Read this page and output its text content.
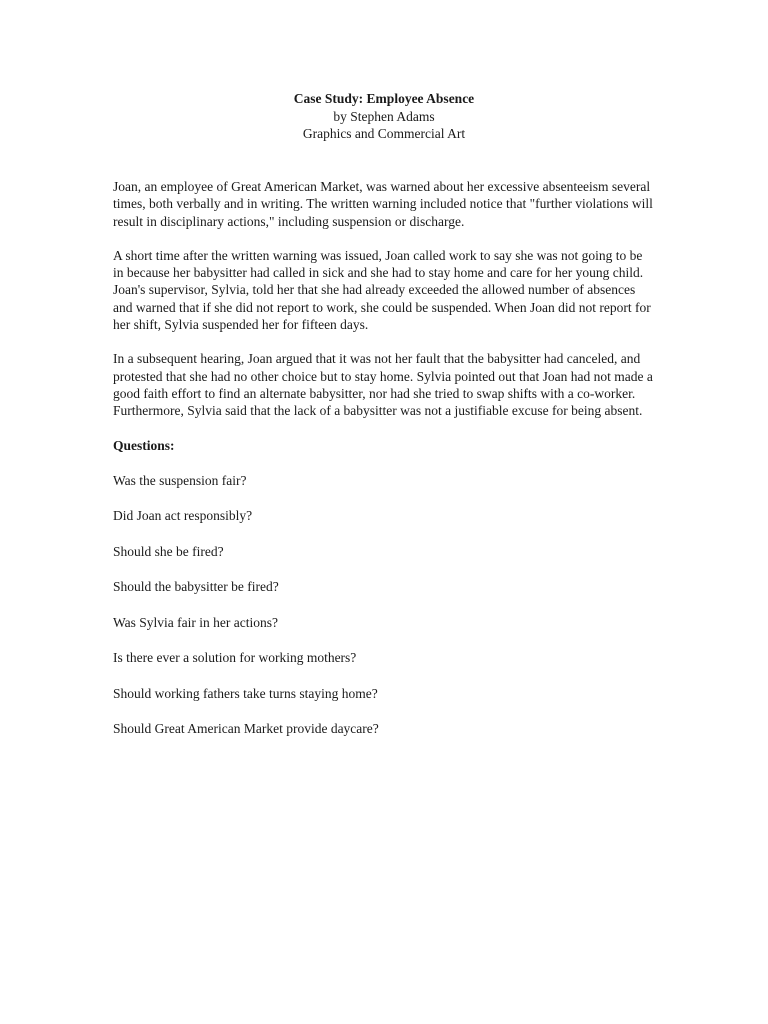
Case Study: Employee Absence
by Stephen Adams
Graphics and Commercial Art

Joan, an employee of Great American Market, was warned about her excessive absenteeism several times, both verbally and in writing. The written warning included notice that "further violations will result in disciplinary actions," including suspension or discharge.

A short time after the written warning was issued, Joan called work to say she was not going to be in because her babysitter had called in sick and she had to stay home and care for her young child. Joan's supervisor, Sylvia, told her that she had already exceeded the allowed number of absences and warned that if she did not report to work, she could be suspended. When Joan did not report for her shift, Sylvia suspended her for fifteen days.

In a subsequent hearing, Joan argued that it was not her fault that the babysitter had canceled, and protested that she had no other choice but to stay home. Sylvia pointed out that Joan had not made a good faith effort to find an alternate babysitter, nor had she tried to swap shifts with a co-worker. Furthermore, Sylvia said that the lack of a babysitter was not a justifiable excuse for being absent.

Questions:
Was the suspension fair?
Did Joan act responsibly?
Should she be fired?
Should the babysitter be fired?
Was Sylvia fair in her actions?
Is there ever a solution for working mothers?
Should working fathers take turns staying home?
Should Great American Market provide daycare?
